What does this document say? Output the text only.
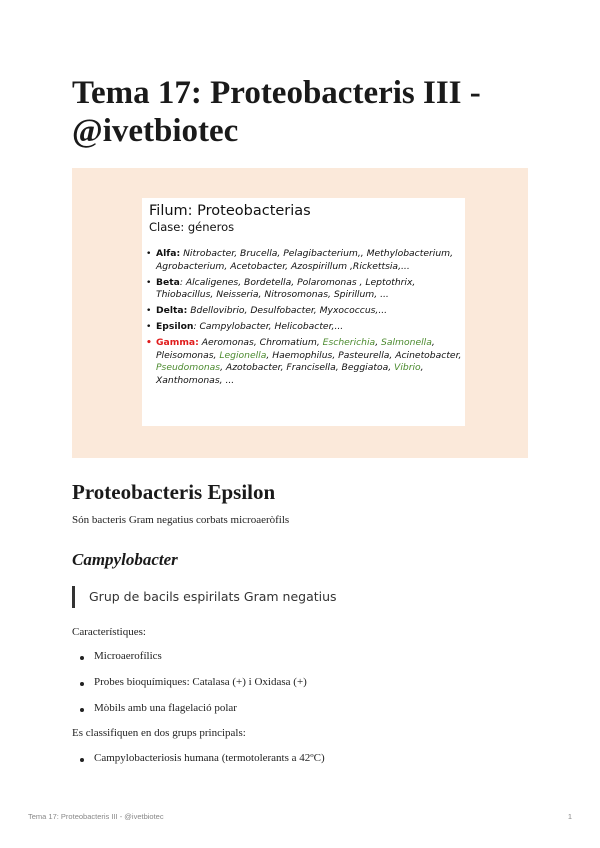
Tema 17: Proteobacteris III - @ivetbiotec
Filum: Proteobacterias
Clase: géneros
• Alfa: Nitrobacter, Brucella, Pelagibacterium,, Methylobacterium, Agrobacterium, Acetobacter, Azospirillum ,Rickettsia,...
• Beta: Alcaligenes, Bordetella, Polaromonas , Leptothrix, Thiobacillus, Neisseria, Nitrosomonas, Spirillum, ...
• Delta: Bdellovibrio, Desulfobacter, Myxococcus,...
• Epsilon: Campylobacter, Helicobacter,...
• Gamma: Aeromonas, Chromatium, Escherichia, Salmonella, Pleisomonas, Legionella, Haemophilus, Pasteurella, Acinetobacter, Pseudomonas, Azotobacter, Francisella, Beggiatoa, Vibrio, Xanthomonas, ...
Proteobacteris Epsilon

Són bacteris Gram negatius corbats microaeròfils

Campylobacter
Grup de bacils espirilats Gram negatius

Característiques:

Microaerofílics
Probes bioquímiques: Catalasa (+) i Oxidasa (+)
Mòbils amb una flagelació polar

Es classifiquen en dos grups principals:

Campylobacteriosis humana (termotolerants a 42ºC)
Tema 17: Proteobacteris III - @ivetbiotec	1
